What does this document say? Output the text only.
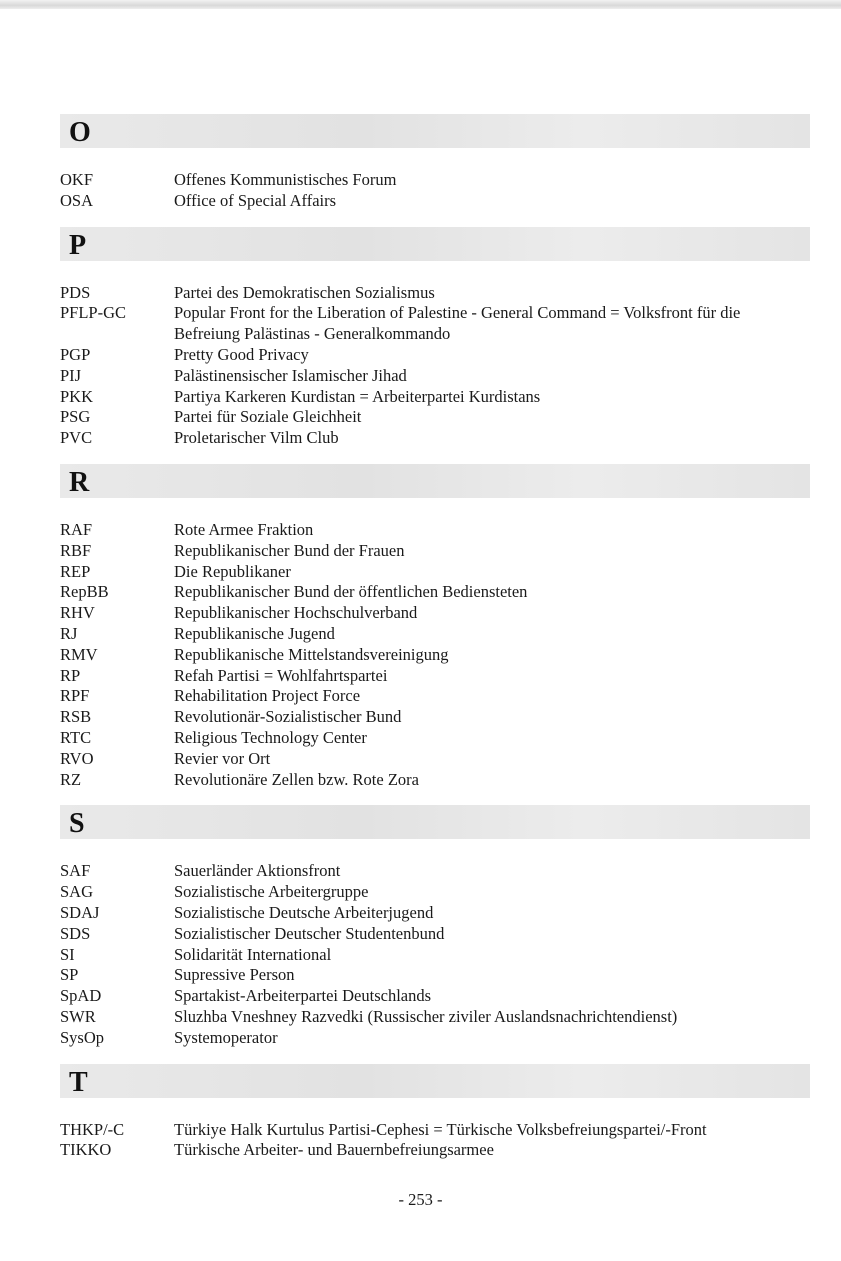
O
OKF	Offenes Kommunistisches Forum
OSA	Office of Special Affairs
P
PDS	Partei des Demokratischen Sozialismus
PFLP-GC	Popular Front for the Liberation of Palestine - General Command = Volksfront für die Befreiung Palästinas - Generalkommando
PGP	Pretty Good Privacy
PIJ	Palästinensischer Islamischer Jihad
PKK	Partiya Karkeren Kurdistan = Arbeiterpartei Kurdistans
PSG	Partei für Soziale Gleichheit
PVC	Proletarischer Vilm Club
R
RAF	Rote Armee Fraktion
RBF	Republikanischer Bund der Frauen
REP	Die Republikaner
RepBB	Republikanischer Bund der öffentlichen Bediensteten
RHV	Republikanischer Hochschulverband
RJ	Republikanische Jugend
RMV	Republikanische Mittelstandsvereinigung
RP	Refah Partisi = Wohlfahrtspartei
RPF	Rehabilitation Project Force
RSB	Revolutionär-Sozialistischer Bund
RTC	Religious Technology Center
RVO	Revier vor Ort
RZ	Revolutionäre Zellen bzw. Rote Zora
S
SAF	Sauerländer Aktionsfront
SAG	Sozialistische Arbeitergruppe
SDAJ	Sozialistische Deutsche Arbeiterjugend
SDS	Sozialistischer Deutscher Studentenbund
SI	Solidarität International
SP	Supressive Person
SpAD	Spartakist-Arbeiterpartei Deutschlands
SWR	Sluzhba Vneshney Razvedki (Russischer ziviler Auslandsnachrichtendienst)
SysOp	Systemoperator
T
THKP/-C	Türkiye Halk Kurtulus Partisi-Cephesi = Türkische Volksbefreiungspartei/-Front
TIKKO	Türkische Arbeiter- und Bauernbefreiungsarmee
- 253 -
